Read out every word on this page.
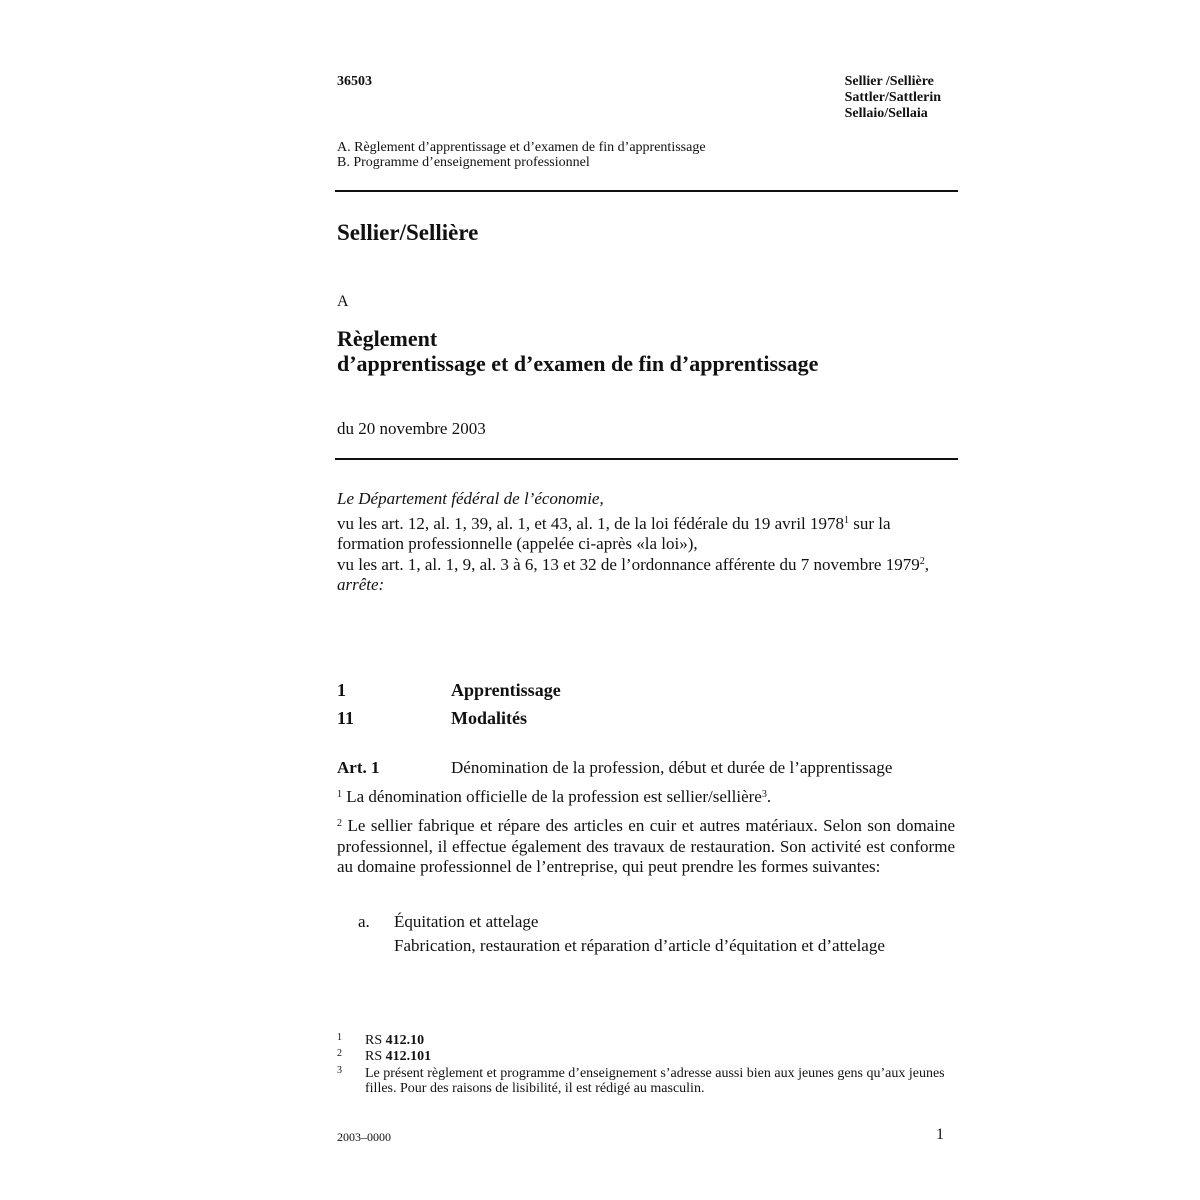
36503	Sellier /Sellière
Sattler/Sattlerin
Sellaio/Sellaia
A. Règlement d’apprentissage et d’examen de fin d’apprentissage
B. Programme d’enseignement professionnel
Sellier/Sellière
A
Règlement
d’apprentissage et d’examen de fin d’apprentissage
du 20 novembre 2003
Le Département fédéral de l’économie,
vu les art. 12, al. 1, 39, al. 1, et 43, al. 1, de la loi fédérale du 19 avril 1978$^1$ sur la formation professionnelle (appelée ci-après «la loi»),
vu les art. 1, al. 1, 9, al. 3 à 6, 13 et 32 de l’ordonnance afférente du 7 novembre 1979$^2$,
arrête:
1	Apprentissage
11	Modalités
Art. 1	Dénomination de la profession, début et durée de l’apprentissage
$^1$ La dénomination officielle de la profession est sellier/sellière$^3$.
$^2$ Le sellier fabrique et répare des articles en cuir et autres matériaux. Selon son domaine professionnel, il effectue également des travaux de restauration. Son activité est conforme au domaine professionnel de l’entreprise, qui peut prendre les formes suivantes:
a. Équitation et attelage
Fabrication, restauration et réparation d’article d’équitation et d’attelage
1 RS 412.10
2 RS 412.101
3 Le présent règlement et programme d’enseignement s’adresse aussi bien aux jeunes gens qu’aux jeunes filles. Pour des raisons de lisibilité, il est rédigé au masculin.
2003–0000	1
